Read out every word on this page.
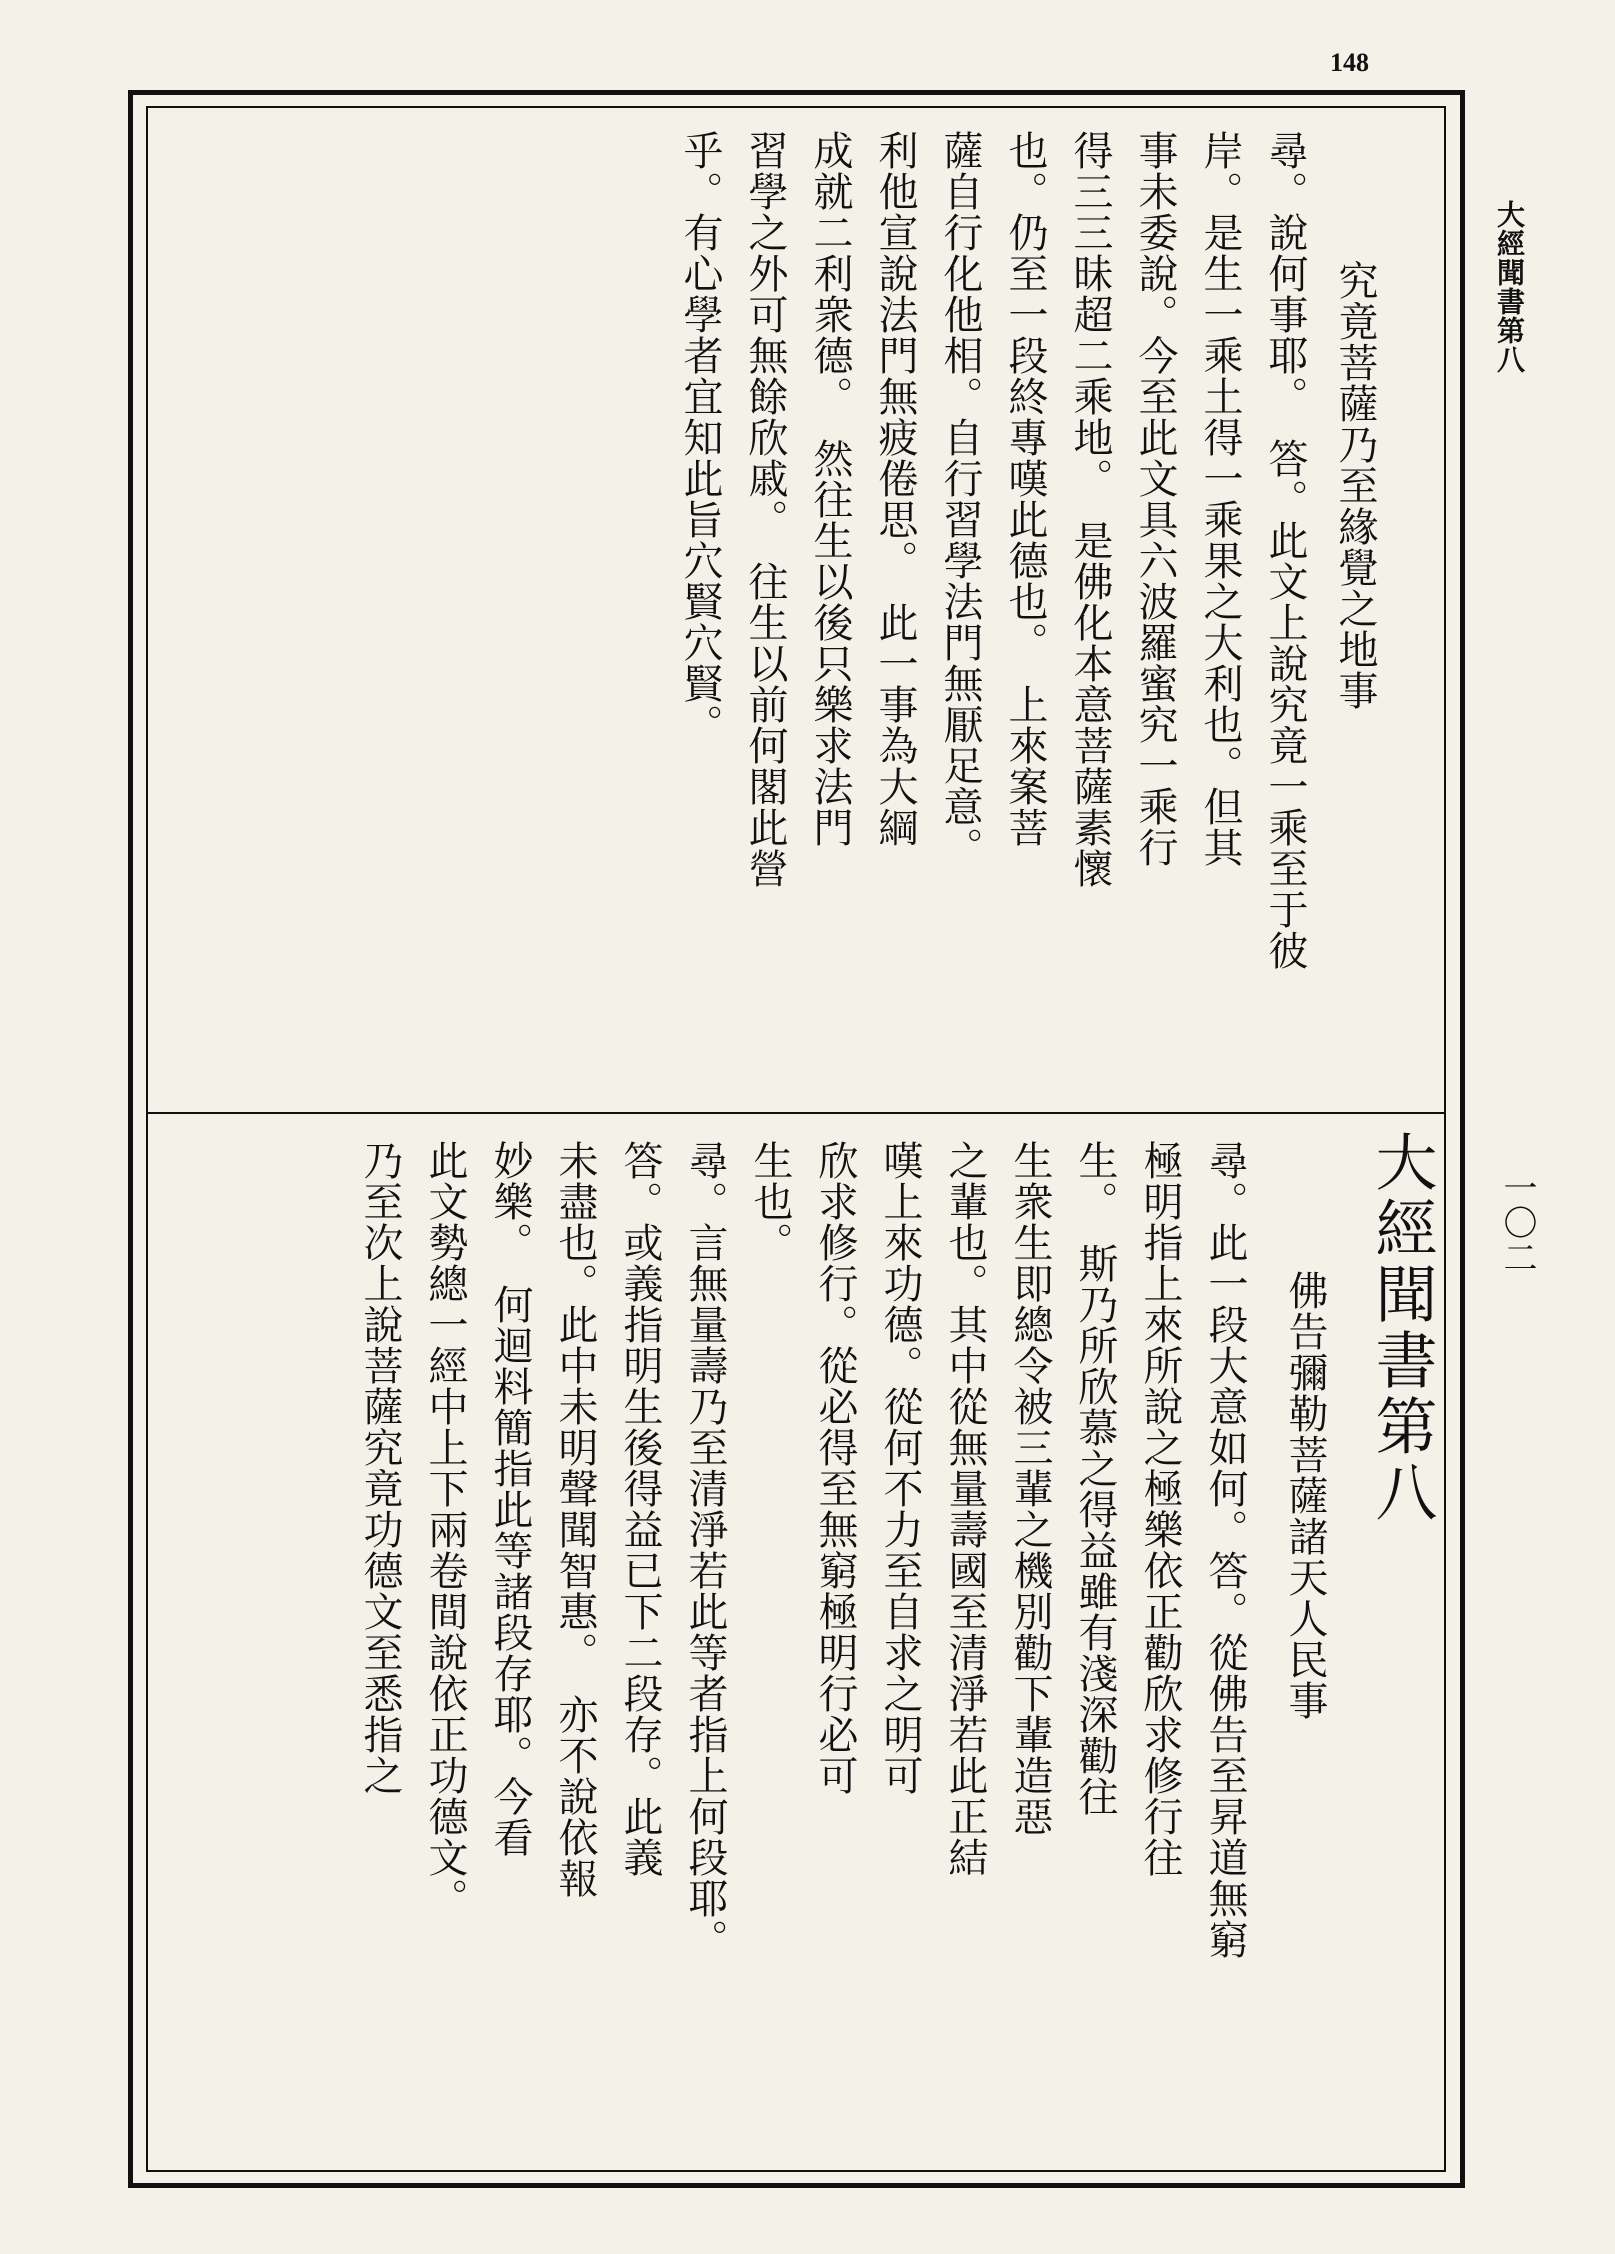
148
大經聞書第八
一〇二
究竟菩薩乃至緣覺之地事
尋。說何事耶。　答。此文上說究竟一乘至于彼
岸。是生一乘土得一乘果之大利也。但其
事未委說。今至此文具六波羅蜜究一乘行
得三三昧超二乘地。　是佛化本意菩薩素懷
也。仍至一段終專嘆此德也。　上來案菩
薩自行化他相。自行習學法門無厭足意。
利他宣說法門無疲倦思。　此一事為大綱
成就二利衆德。　然往生以後只樂求法門
習學之外可無餘欣戚。　往生以前何閣此營
乎。有心學者宜知此旨穴賢穴賢。
大經聞書第八
佛告彌勒菩薩諸天人民事
尋。此一段大意如何。答。從佛告至昇道無窮
極明指上來所說之極樂依正勸欣求修行往
生。　斯乃所欣慕之得益雖有淺深勸往
生衆生即總令被三輩之機別勸下輩造惡
之輩也。其中從無量壽國至清淨若此正結
嘆上來功德。從何不力至自求之明可
欣求修行。從必得至無窮極明行必可
生也。
尋。言無量壽乃至清淨若此等者指上何段耶。
答。或義指明生後得益已下二段存。此義
未盡也。此中未明聲聞智惠。　亦不說依報
妙樂。　何迴料簡指此等諸段存耶。今看
此文勢總一經中上下兩卷間說依正功德文。
乃至次上說菩薩究竟功德文至悉指之
